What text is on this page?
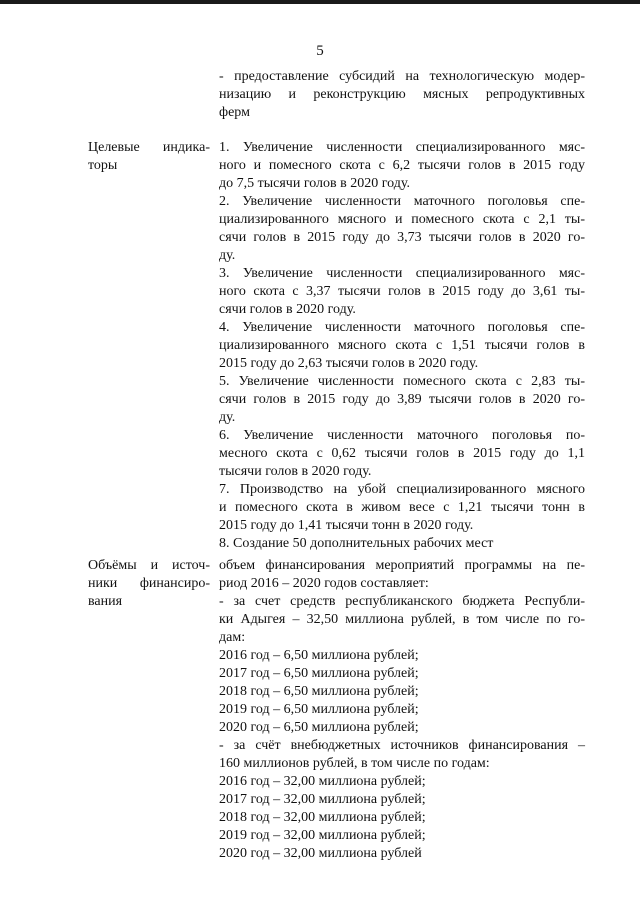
5
- предоставление субсидий на технологическую модер-
низацию и реконструкцию мясных репродуктивных
ферм
Целевые индика-
торы
1. Увеличение численности специализированного мяс-
ного и помесного скота с 6,2 тысячи голов в 2015 году
до 7,5 тысячи голов в 2020 году.
2. Увеличение численности маточного поголовья спе-
циализированного мясного и помесного скота с 2,1 ты-
сячи голов в 2015 году до 3,73 тысячи голов в 2020 го-
ду.
3. Увеличение численности специализированного мяс-
ного скота с 3,37 тысячи голов в 2015 году до 3,61 ты-
сячи голов в 2020 году.
4. Увеличение численности маточного поголовья спе-
циализированного мясного скота с 1,51 тысячи голов в
2015 году до 2,63 тысячи голов в 2020 году.
5. Увеличение численности помесного скота с 2,83 ты-
сячи голов в 2015 году до 3,89 тысячи голов в 2020 го-
ду.
6. Увеличение численности маточного поголовья по-
месного скота с 0,62 тысячи голов в 2015 году до 1,1
тысячи голов в 2020 году.
7. Производство на убой специализированного мясного
и помесного скота в живом весе с 1,21 тысячи тонн в
2015 году до 1,41 тысячи тонн в 2020 году.
8. Создание 50 дополнительных рабочих мест
Объёмы и источ-
ники финансиро-
вания
объем финансирования мероприятий программы на пе-
риод 2016 – 2020 годов составляет:
- за счет средств республиканского бюджета Республи-
ки Адыгея – 32,50 миллиона рублей, в том числе по го-
дам:
2016 год – 6,50 миллиона рублей;
2017 год – 6,50 миллиона рублей;
2018 год – 6,50 миллиона рублей;
2019 год – 6,50 миллиона рублей;
2020 год – 6,50 миллиона рублей;
- за счёт внебюджетных источников финансирования –
160 миллионов рублей, в том числе по годам:
2016 год – 32,00 миллиона рублей;
2017 год – 32,00 миллиона рублей;
2018 год – 32,00 миллиона рублей;
2019 год – 32,00 миллиона рублей;
2020 год – 32,00 миллиона рублей
